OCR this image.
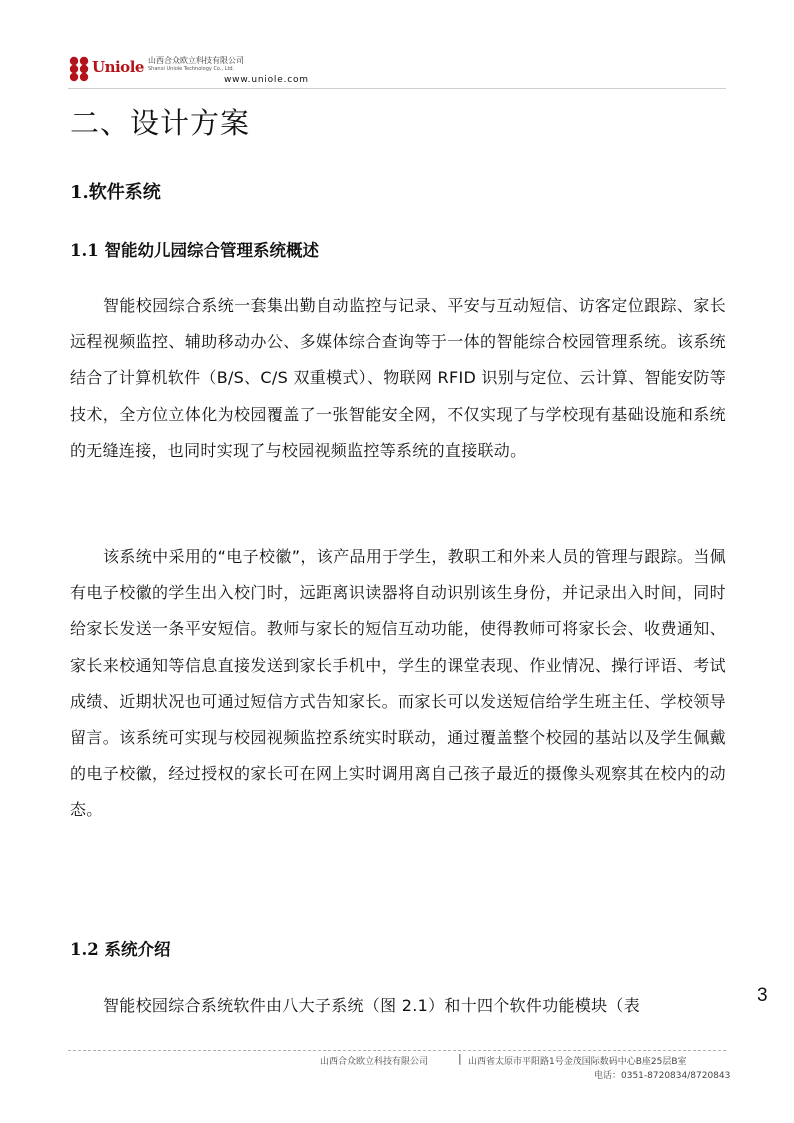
Uniole 山西合众欧立科技有限公司
Shanxi Uniole Technology Co., Ltd.
www.uniole.com
二、设计方案
1.软件系统
1.1 智能幼儿园综合管理系统概述
智能校园综合系统一套集出勤自动监控与记录、平安与互动短信、访客定位跟踪、家长远程视频监控、辅助移动办公、多媒体综合查询等于一体的智能综合校园管理系统。该系统结合了计算机软件（B/S、C/S 双重模式）、物联网 RFID 识别与定位、云计算、智能安防等技术，全方位立体化为校园覆盖了一张智能安全网，不仅实现了与学校现有基础设施和系统的无缝连接，也同时实现了与校园视频监控等系统的直接联动。
该系统中采用的“电子校徽”，该产品用于学生，教职工和外来人员的管理与跟踪。当佩有电子校徽的学生出入校门时，远距离识读器将自动识别该生身份，并记录出入时间，同时给家长发送一条平安短信。教师与家长的短信互动功能，使得教师可将家长会、收费通知、家长来校通知等信息直接发送到家长手机中，学生的课堂表现、作业情况、操行评语、考试成绩、近期状况也可通过短信方式告知家长。而家长可以发送短信给学生班主任、学校领导留言。该系统可实现与校园视频监控系统实时联动，通过覆盖整个校园的基站以及学生佩戴的电子校徽，经过授权的家长可在网上实时调用离自己孩子最近的摄像头观察其在校内的动态。
1.2 系统介绍
智能校园综合系统软件由八大子系统（图 2.1）和十四个软件功能模块（表	3
山西合众欧立科技有限公司	| 山西省太原市平阳路1号金茂国际数码中心B座25层B室
电话：0351-8720834/8720843
